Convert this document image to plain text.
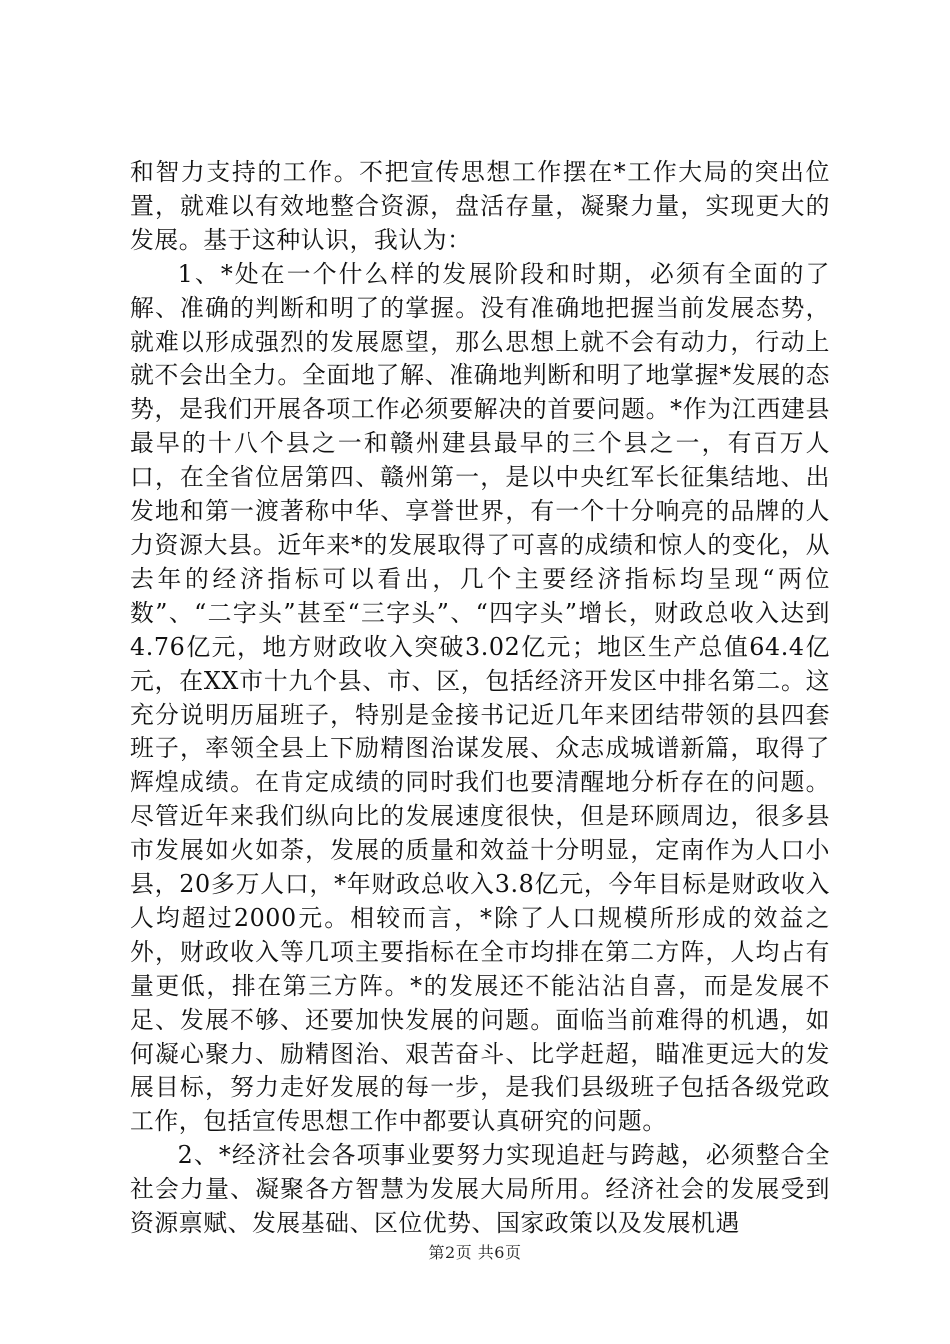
和智力支持的工作。不把宣传思想工作摆在*工作大局的突出位置，就难以有效地整合资源，盘活存量，凝聚力量，实现更大的发展。基于这种认识，我认为：

1、*处在一个什么样的发展阶段和时期，必须有全面的了解、准确的判断和明了的掌握。没有准确地把握当前发展态势，就难以形成强烈的发展愿望，那么思想上就不会有动力，行动上就不会出全力。全面地了解、准确地判断和明了地掌握*发展的态势，是我们开展各项工作必须要解决的首要问题。*作为江西建县最早的十八个县之一和赣州建县最早的三个县之一，有百万人口，在全省位居第四、赣州第一，是以中央红军长征集结地、出发地和第一渡著称中华、享誉世界，有一个十分响亮的品牌的人力资源大县。近年来*的发展取得了可喜的成绩和惊人的变化，从去年的经济指标可以看出，几个主要经济指标均呈现“两位数”、“二字头”甚至“三字头”、“四字头”增长，财政总收入达到4.76亿元，地方财政收入突破3.02亿元；地区生产总值64.4亿元，在XX市十九个县、市、区，包括经济开发区中排名第二。这充分说明历届班子，特别是金接书记近几年来团结带领的县四套班子，率领全县上下励精图治谋发展、众志成城谱新篇，取得了辉煌成绩。在肯定成绩的同时我们也要清醒地分析存在的问题。尽管近年来我们纵向比的发展速度很快，但是环顾周边，很多县市发展如火如荼，发展的质量和效益十分明显，定南作为人口小县，20多万人口，*年财政总收入3.8亿元，今年目标是财政收入人均超过2000元。相较而言，*除了人口规模所形成的效益之外，财政收入等几项主要指标在全市均排在第二方阵，人均占有量更低，排在第三方阵。*的发展还不能沾沾自喜，而是发展不足、发展不够、还要加快发展的问题。面临当前难得的机遇，如何凝心聚力、励精图治、艰苦奋斗、比学赶超，瞄准更远大的发展目标，努力走好发展的每一步，是我们县级班子包括各级党政工作，包括宣传思想工作中都要认真研究的问题。

2、*经济社会各项事业要努力实现追赶与跨越，必须整合全社会力量、凝聚各方智慧为发展大局所用。经济社会的发展受到资源禀赋、发展基础、区位优势、国家政策以及发展机遇

第2页 共6页
